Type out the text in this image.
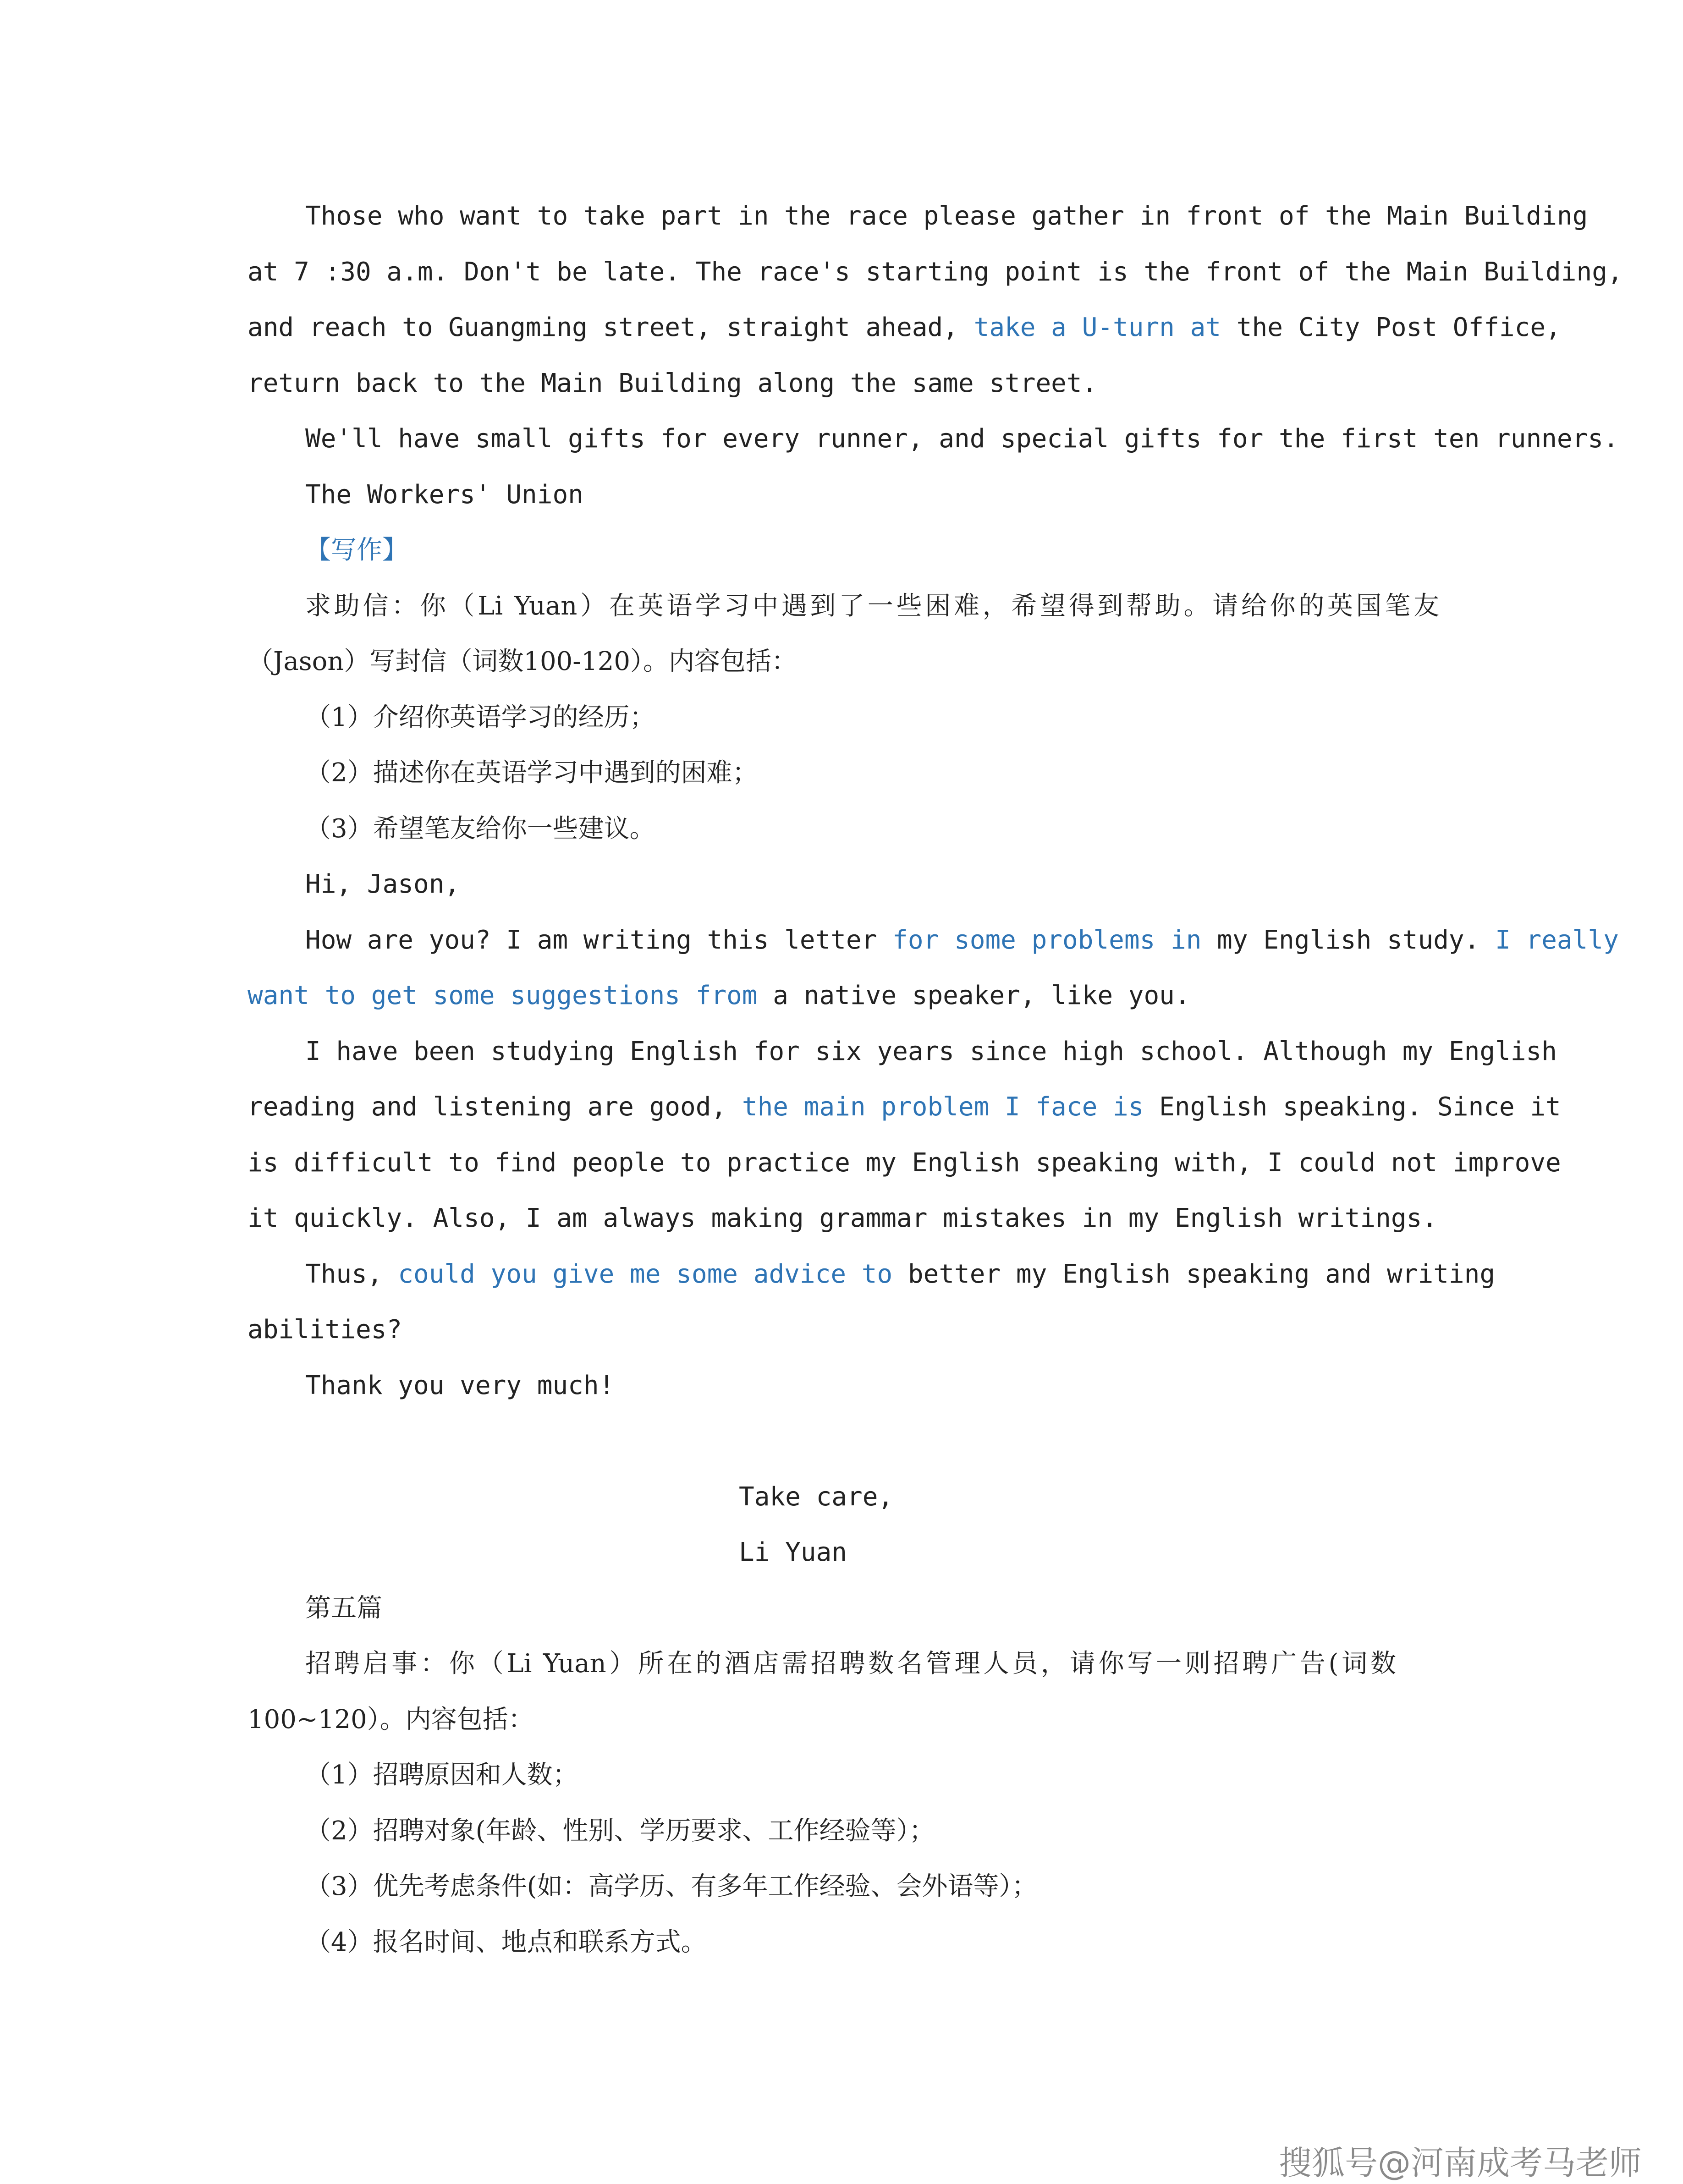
Those who want to take part in the race please gather in front of the Main Building
at 7 :30 a.m. Don't be late. The race's starting point is the front of the Main Building,
and reach to Guangming street, straight ahead, take a U-turn at the City Post Office,
return back to the Main Building along the same street.
We'll have small gifts for every runner, and special gifts for the first ten runners.
The Workers' Union
【写作】
求助信：你（Li Yuan）在英语学习中遇到了一些困难，希望得到帮助。请给你的英国笔友
（Jason）写封信（词数100-120）。内容包括：
（1）介绍你英语学习的经历；
（2）描述你在英语学习中遇到的困难；
（3）希望笔友给你一些建议。
Hi, Jason,
How are you? I am writing this letter for some problems in my English study. I really
want to get some suggestions from a native speaker, like you.
I have been studying English for six years since high school. Although my English
reading and listening are good, the main problem I face is English speaking. Since it
is difficult to find people to practice my English speaking with, I could not improve
it quickly. Also, I am always making grammar mistakes in my English writings.
Thus, could you give me some advice to better my English speaking and writing
abilities?
Thank you very much!
Take care,
Li Yuan
第五篇
招聘启事：你（Li Yuan）所在的酒店需招聘数名管理人员，请你写一则招聘广告(词数
100~120）。内容包括：
（1）招聘原因和人数；
（2）招聘对象(年龄、性别、学历要求、工作经验等）；
（3）优先考虑条件(如：高学历、有多年工作经验、会外语等）；
（4）报名时间、地点和联系方式。
搜狐号@河南成考马老师
